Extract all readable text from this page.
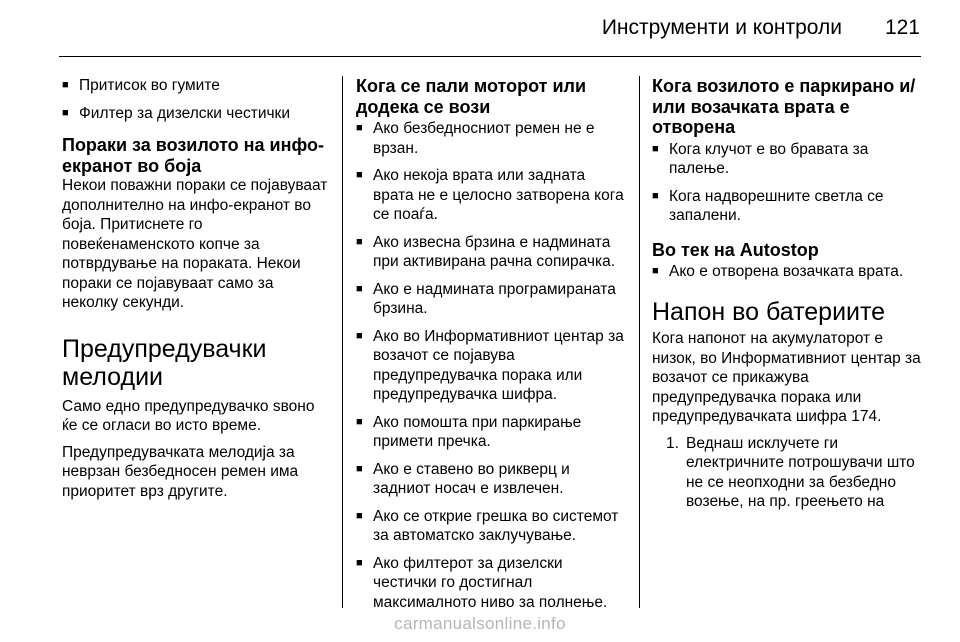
Инструменти и контроли 121
■ Притисок во гумите
■ Филтер за дизелски честички
Пораки за возилото на инфо-екранот во боја

Некои поважни пораки се појавуваат дополнително на инфо-екранот во боја. Притиснете го повеќенаменското копче за потврдување на пораката. Некои пораки се појавуваат само за неколку секунди.

Предупредувачки мелодии

Само едно предупредувачко ѕвоно ќе се огласи во исто време.

Предупредувачката мелодија за неврзан безбедносен ремен има приоритет врз другите.

Кога се пали моторот или додека се вози
■ Ако безбедносниот ремен не е врзан.
■ Ако некоја врата или задната врата не е целосно затворена кога се поаѓа.
■ Ако извесна брзина е надмината при активирана рачна сопирачка.
■ Ако е надмината програмираната брзина.
■ Ако во Информативниот центар за возачот се појавува предупредувачка порака или предупредувачка шифра.
■ Ако помошта при паркирање примети пречка.
■ Ако е ставено во рикверц и задниот носач е извлечен.
■ Ако се открие грешка во системот за автоматско заклучување.
■ Ако филтерот за дизелски честички го достигнал максималното ниво за полнење.
Кога возилото е паркирано и/ или возачката врата е отворена
■ Кога клучот е во бравата за палење.
■ Кога надворешните светла се запалени.
Во тек на Autostop
■ Ако е отворена возачката врата.
Напон во батериите

Кога напонот на акумулаторот е низок, во Информативниот центар за возачот се прикажува предупредувачка порака или предупредувачката шифра 174.

1. Веднаш исклучете ги електричните потрошувачи што не се неопходни за безбедно возење, на пр. греењето на
carmanualsonline.info
